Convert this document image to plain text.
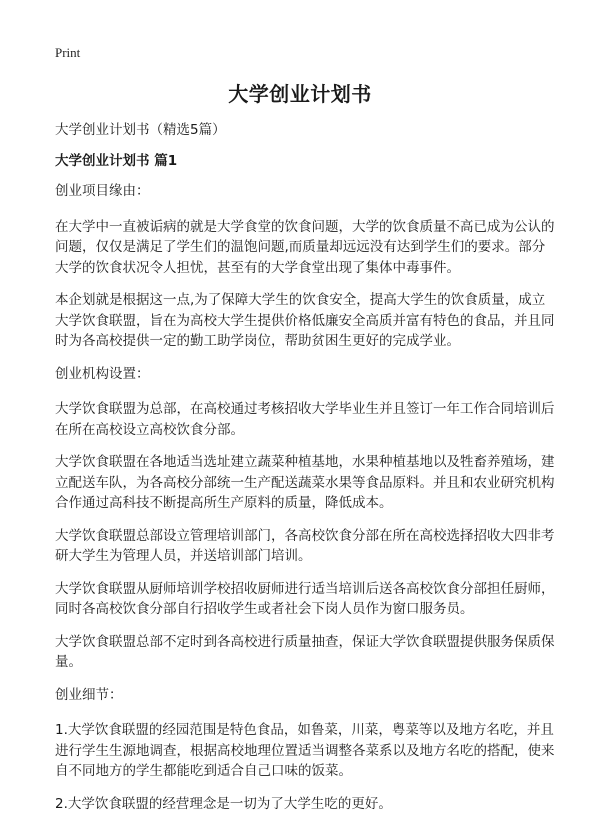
Print
大学创业计划书

大学创业计划书（精选5篇）

大学创业计划书 篇1

创业项目缘由：

在大学中一直被诟病的就是大学食堂的饮食问题，大学的饮食质量不高已成为公认的问题，仅仅是满足了学生们的温饱问题,而质量却远远没有达到学生们的要求。部分大学的饮食状况令人担忧，甚至有的大学食堂出现了集体中毒事件。

本企划就是根据这一点,为了保障大学生的饮食安全，提高大学生的饮食质量，成立大学饮食联盟，旨在为高校大学生提供价格低廉安全高质并富有特色的食品，并且同时为各高校提供一定的勤工助学岗位，帮助贫困生更好的完成学业。

创业机构设置：

大学饮食联盟为总部，在高校通过考核招收大学毕业生并且签订一年工作合同培训后在所在高校设立高校饮食分部。

大学饮食联盟在各地适当选址建立蔬菜种植基地，水果种植基地以及牲畜养殖场，建立配送车队，为各高校分部统一生产配送蔬菜水果等食品原料。并且和农业研究机构合作通过高科技不断提高所生产原料的质量，降低成本。

大学饮食联盟总部设立管理培训部门，各高校饮食分部在所在高校选择招收大四非考研大学生为管理人员，并送培训部门培训。

大学饮食联盟从厨师培训学校招收厨师进行适当培训后送各高校饮食分部担任厨师，同时各高校饮食分部自行招收学生或者社会下岗人员作为窗口服务员。

大学饮食联盟总部不定时到各高校进行质量抽查，保证大学饮食联盟提供服务保质保量。

创业细节：

1.大学饮食联盟的经园范围是特色食品，如鲁菜，川菜，粤菜等以及地方名吃，并且进行学生生源地调查，根据高校地理位置适当调整各菜系以及地方名吃的搭配，使来自不同地方的学生都能吃到适合自己口味的饭菜。

2.大学饮食联盟的经营理念是一切为了大学生吃的更好。
